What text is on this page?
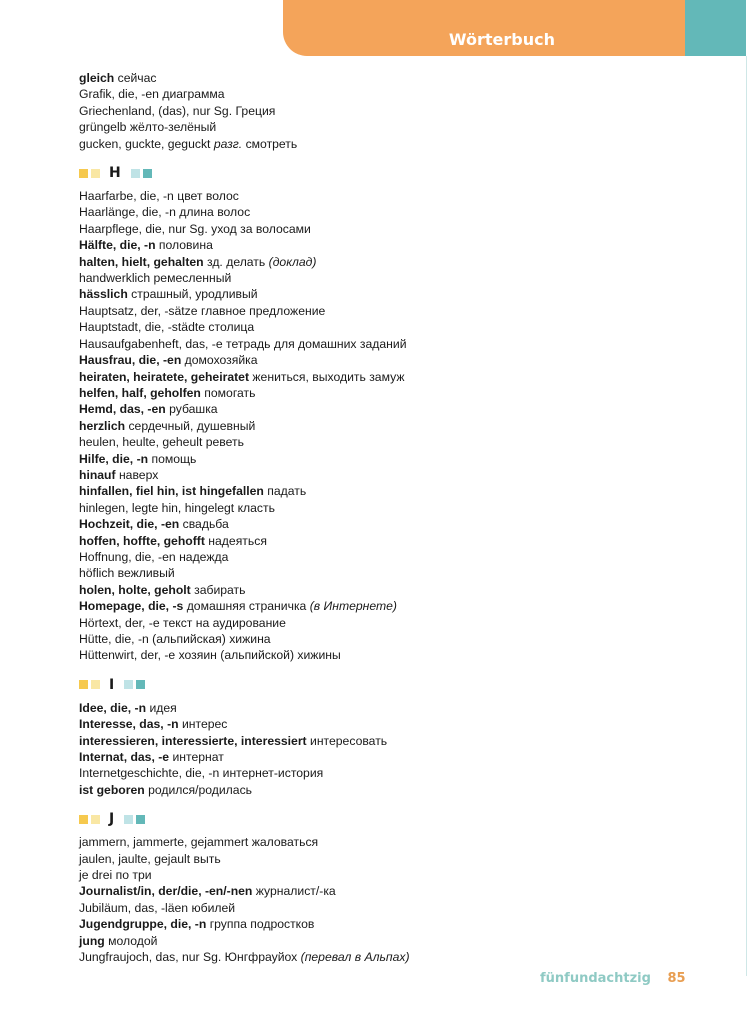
Wörterbuch
gleich сейчас
Grafik, die, -en диаграмма
Griechenland, (das), nur Sg. Греция
grüngelb жёлто-зелёный
gucken, guckte, geguckt разг. смотреть
H
Haarfarbe, die, -n цвет волос
Haarlänge, die, -n длина волос
Haarpflege, die, nur Sg. уход за волосами
Hälfte, die, -n половина
halten, hielt, gehalten зд. делать (доклад)
handwerklich ремесленный
hässlich страшный, уродливый
Hauptsatz, der, -sätze главное предложение
Hauptstadt, die, -städte столица
Hausaufgabenheft, das, -e тетрадь для домашних заданий
Hausfrau, die, -en домохозяйка
heiraten, heiratete, geheiratet жениться, выходить замуж
helfen, half, geholfen помогать
Hemd, das, -en рубашка
herzlich сердечный, душевный
heulen, heulte, geheult реветь
Hilfe, die, -n помощь
hinauf наверх
hinfallen, fiel hin, ist hingefallen падать
hinlegen, legte hin, hingelegt класть
Hochzeit, die, -en свадьба
hoffen, hoffte, gehofft надеяться
Hoffnung, die, -en надежда
höflich вежливый
holen, holte, geholt забирать
Homepage, die, -s домашняя страничка (в Интернете)
Hörtext, der, -e текст на аудирование
Hütte, die, -n (альпийская) хижина
Hüttenwirt, der, -e хозяин (альпийской) хижины
I
Idee, die, -n идея
Interesse, das, -n интерес
interessieren, interessierte, interessiert интересовать
Internat, das, -e интернат
Internetgeschichte, die, -n интернет-история
ist geboren родился/родилась
J
jammern, jammerte, gejammert жаловаться
jaulen, jaulte, gejault выть
je drei по три
Journalist/in, der/die, -en/-nen журналист/-ка
Jubiläum, das, -läen юбилей
Jugendgruppe, die, -n группа подростков
jung молодой
Jungfraujoch, das, nur Sg. Юнгфрауйох (перевал в Альпах)
fünfundachtzig 85
